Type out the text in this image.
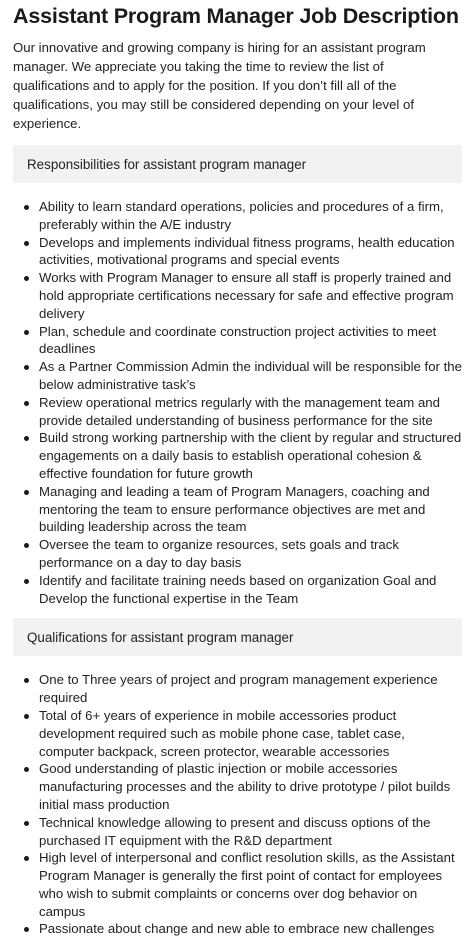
Assistant Program Manager Job Description

Our innovative and growing company is hiring for an assistant program manager. We appreciate you taking the time to review the list of qualifications and to apply for the position. If you don’t fill all of the qualifications, you may still be considered depending on your level of experience.

Responsibilities for assistant program manager
Ability to learn standard operations, policies and procedures of a firm, preferably within the A/E industry
Develops and implements individual fitness programs, health education activities, motivational programs and special events
Works with Program Manager to ensure all staff is properly trained and hold appropriate certifications necessary for safe and effective program delivery
Plan, schedule and coordinate construction project activities to meet deadlines
As a Partner Commission Admin the individual will be responsible for the below administrative task’s
Review operational metrics regularly with the management team and provide detailed understanding of business performance for the site
Build strong working partnership with the client by regular and structured engagements on a daily basis to establish operational cohesion & effective foundation for future growth
Managing and leading a team of Program Managers, coaching and mentoring the team to ensure performance objectives are met and building leadership across the team
Oversee the team to organize resources, sets goals and track performance on a day to day basis
Identify and facilitate training needs based on organization Goal and Develop the functional expertise in the Team
Qualifications for assistant program manager
One to Three years of project and program management experience required
Total of 6+ years of experience in mobile accessories product development required such as mobile phone case, tablet case, computer backpack, screen protector, wearable accessories
Good understanding of plastic injection or mobile accessories manufacturing processes and the ability to drive prototype / pilot builds initial mass production
Technical knowledge allowing to present and discuss options of the purchased IT equipment with the R&D department
High level of interpersonal and conflict resolution skills, as the Assistant Program Manager is generally the first point of contact for employees who wish to submit complaints or concerns over dog behavior on campus
Passionate about change and new able to embrace new challenges
